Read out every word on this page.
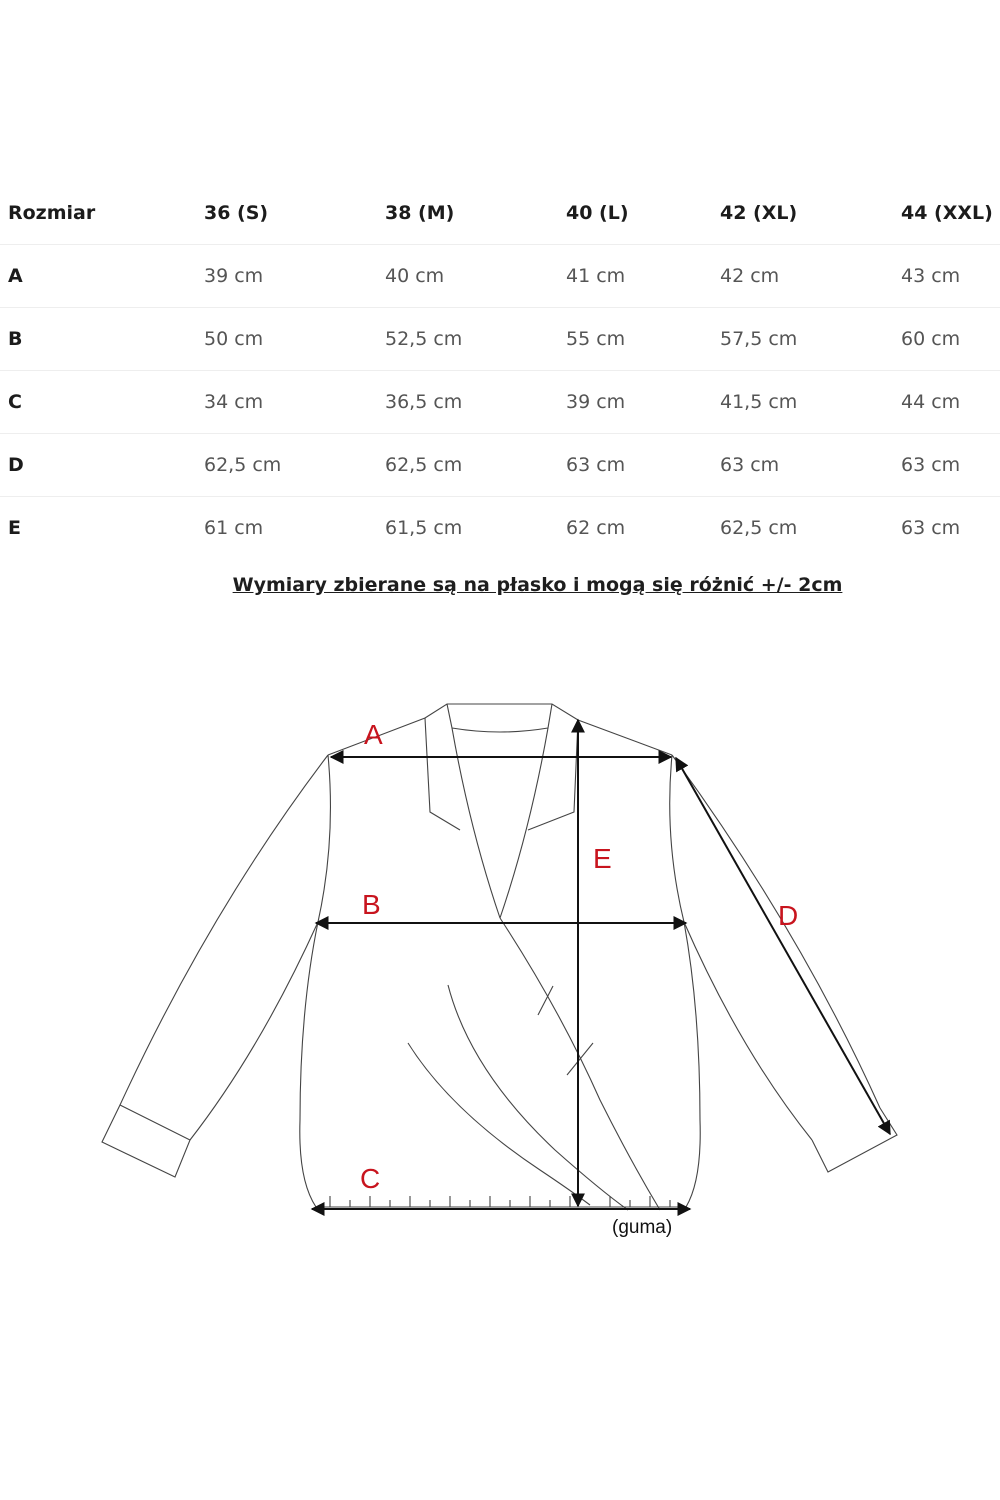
Rozmiar	36 (S)	38 (M)	40 (L)	42 (XL)	44 (XXL)
A	39 cm	40 cm	41 cm	42 cm	43 cm
B	50 cm	52,5 cm	55 cm	57,5 cm	60 cm
C	34 cm	36,5 cm	39 cm	41,5 cm	44 cm
D	62,5 cm	62,5 cm	63 cm	63 cm	63 cm
E	61 cm	61,5 cm	62 cm	62,5 cm	63 cm
Wymiary zbierane są na płasko i mogą się różnić +/- 2cm
A
B
C
D
E
(guma)
